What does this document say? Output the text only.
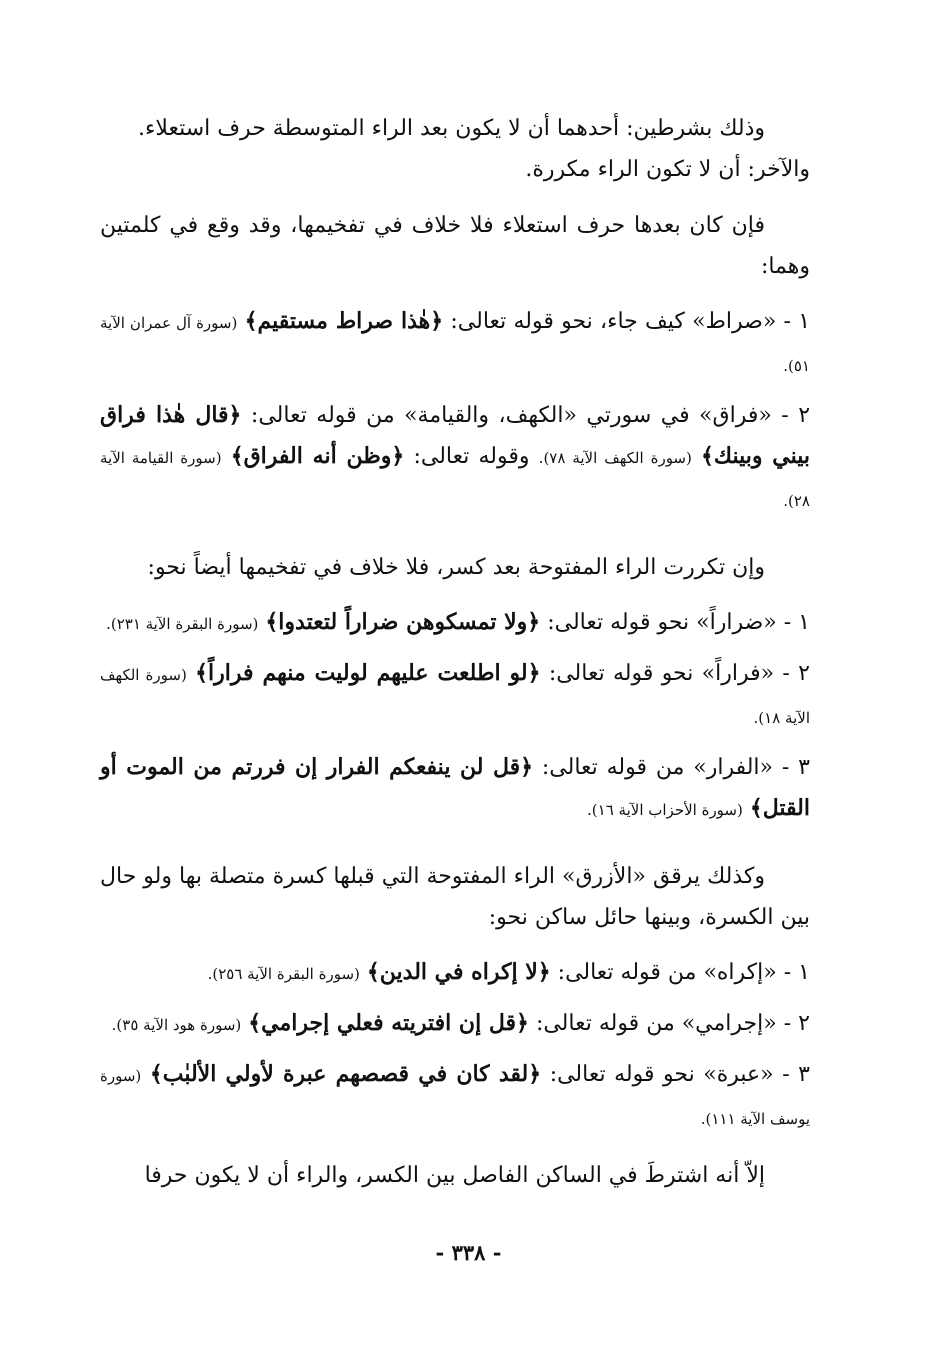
وذلك بشرطين: أحدهما أن لا يكون بعد الراء المتوسطة حرف استعلاء.
والآخر: أن لا تكون الراء مكررة.

فإن كان بعدها حرف استعلاء فلا خلاف في تفخيمها، وقد وقع في كلمتين وهما:

١ - «صراط» كيف جاء، نحو قوله تعالى: ﴿هٰذا صراط مستقيم﴾ (سورة آل عمران الآية ٥١).

٢ - «فراق» في سورتي «الكهف، والقيامة» من قوله تعالى: ﴿قال هٰذا فراق بيني وبينك﴾ (سورة الكهف الآية ٧٨). وقوله تعالى: ﴿وظن أنه الفراق﴾ (سورة القيامة الآية ٢٨).

وإن تكررت الراء المفتوحة بعد كسر، فلا خلاف في تفخيمها أيضاً نحو:

١ - «ضراراً» نحو قوله تعالى: ﴿ولا تمسكوهن ضراراً لتعتدوا﴾ (سورة البقرة الآية ٢٣١).

٢ - «فراراً» نحو قوله تعالى: ﴿لو اطلعت عليهم لوليت منهم فراراً﴾ (سورة الكهف الآية ١٨).

٣ - «الفرار» من قوله تعالى: ﴿قل لن ينفعكم الفرار إن فررتم من الموت أو القتل﴾ (سورة الأحزاب الآية ١٦).

وكذلك يرقق «الأزرق» الراء المفتوحة التي قبلها كسرة متصلة بها ولو حال بين الكسرة، وبينها حائل ساكن نحو:

١ - «إكراه» من قوله تعالى: ﴿لا إكراه في الدين﴾ (سورة البقرة الآية ٢٥٦).

٢ - «إجرامي» من قوله تعالى: ﴿قل إن افتريته فعلي إجرامي﴾ (سورة هود الآية ٣٥).

٣ - «عبرة» نحو قوله تعالى: ﴿لقد كان في قصصهم عبرة لأولي الألبٰب﴾ (سورة يوسف الآية ١١١).

إلاّ أنه اشترطَ في الساكن الفاصل بين الكسر، والراء أن لا يكون حرفا

- ٣٣٨ -
